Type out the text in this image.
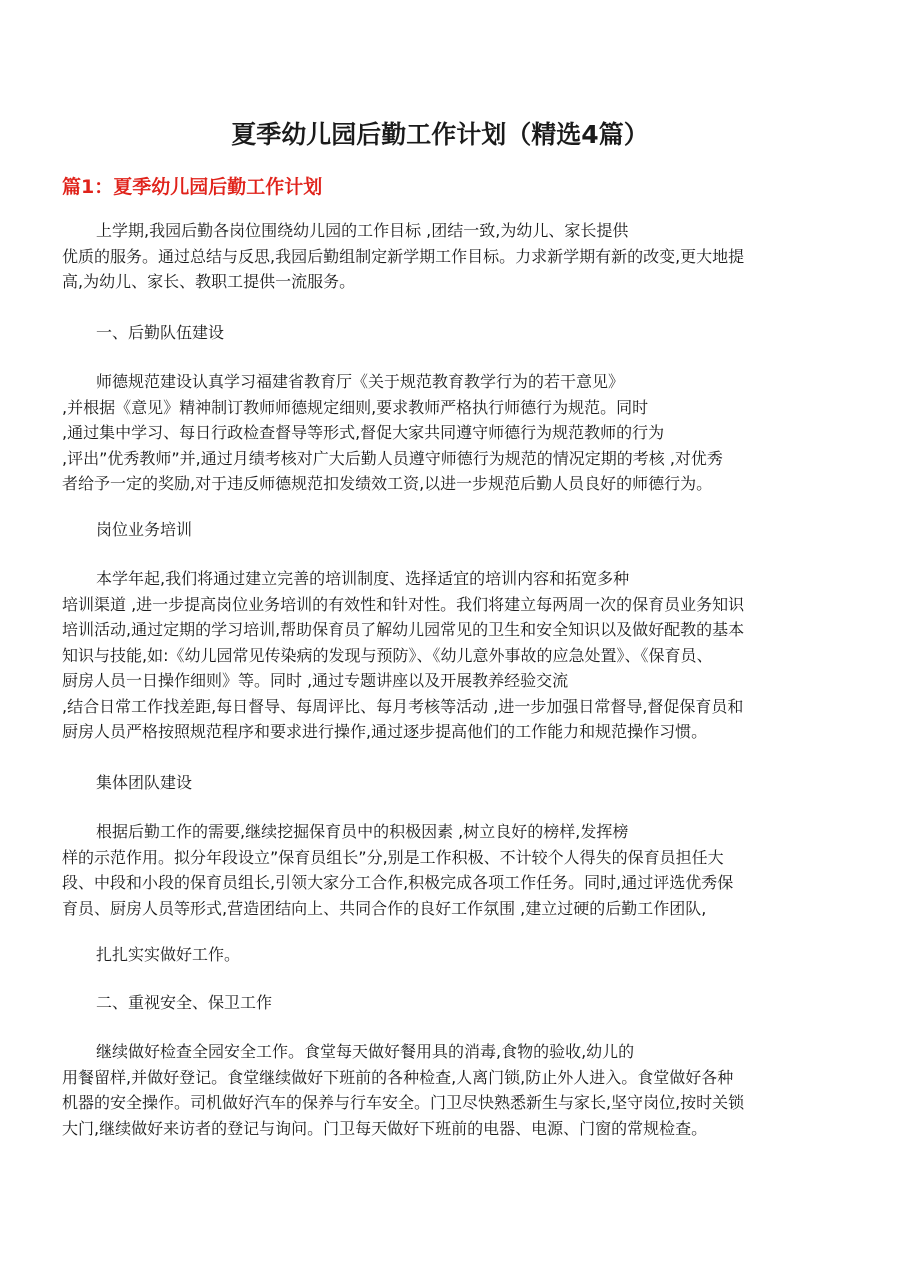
夏季幼儿园后勤工作计划（精选4篇）
篇1：夏季幼儿园后勤工作计划
上学期,我园后勤各岗位围绕幼儿园的工作目标 ,团结一致,为幼儿、家长提供
优质的服务。通过总结与反思,我园后勤组制定新学期工作目标。力求新学期有新的改变,更大地提
高,为幼儿、家长、教职工提供一流服务。
一、后勤队伍建设
师德规范建设认真学习福建省教育厅《关于规范教育教学行为的若干意见》
,并根据《意见》精神制订教师师德规定细则,要求教师严格执行师德行为规范。同时
,通过集中学习、每日行政检查督导等形式,督促大家共同遵守师德行为规范教师的行为
,评出”优秀教师”并,通过月绩考核对广大后勤人员遵守师德行为规范的情况定期的考核 ,对优秀
者给予一定的奖励,对于违反师德规范扣发绩效工资,以进一步规范后勤人员良好的师德行为。
岗位业务培训
本学年起,我们将通过建立完善的培训制度、选择适宜的培训内容和拓宽多种
培训渠道 ,进一步提高岗位业务培训的有效性和针对性。我们将建立每两周一次的保育员业务知识
培训活动,通过定期的学习培训,帮助保育员了解幼儿园常见的卫生和安全知识以及做好配教的基本
知识与技能,如:《幼儿园常见传染病的发现与预防》、《幼儿意外事故的应急处置》、《保育员、
厨房人员一日操作细则》等。同时 ,通过专题讲座以及开展教养经验交流
,结合日常工作找差距,每日督导、每周评比、每月考核等活动 ,进一步加强日常督导,督促保育员和
厨房人员严格按照规范程序和要求进行操作,通过逐步提高他们的工作能力和规范操作习惯。
集体团队建设
根据后勤工作的需要,继续挖掘保育员中的积极因素 ,树立良好的榜样,发挥榜
样的示范作用。拟分年段设立”保育员组长”分,别是工作积极、不计较个人得失的保育员担任大
段、中段和小段的保育员组长,引领大家分工合作,积极完成各项工作任务。同时,通过评选优秀保
育员、厨房人员等形式,营造团结向上、共同合作的良好工作氛围 ,建立过硬的后勤工作团队,
扎扎实实做好工作。
二、重视安全、保卫工作
继续做好检查全园安全工作。食堂每天做好餐用具的消毒,食物的验收,幼儿的
用餐留样,并做好登记。食堂继续做好下班前的各种检查,人离门锁,防止外人进入。食堂做好各种
机器的安全操作。司机做好汽车的保养与行车安全。门卫尽快熟悉新生与家长,坚守岗位,按时关锁
大门,继续做好来访者的登记与询问。门卫每天做好下班前的电器、电源、门窗的常规检查。
